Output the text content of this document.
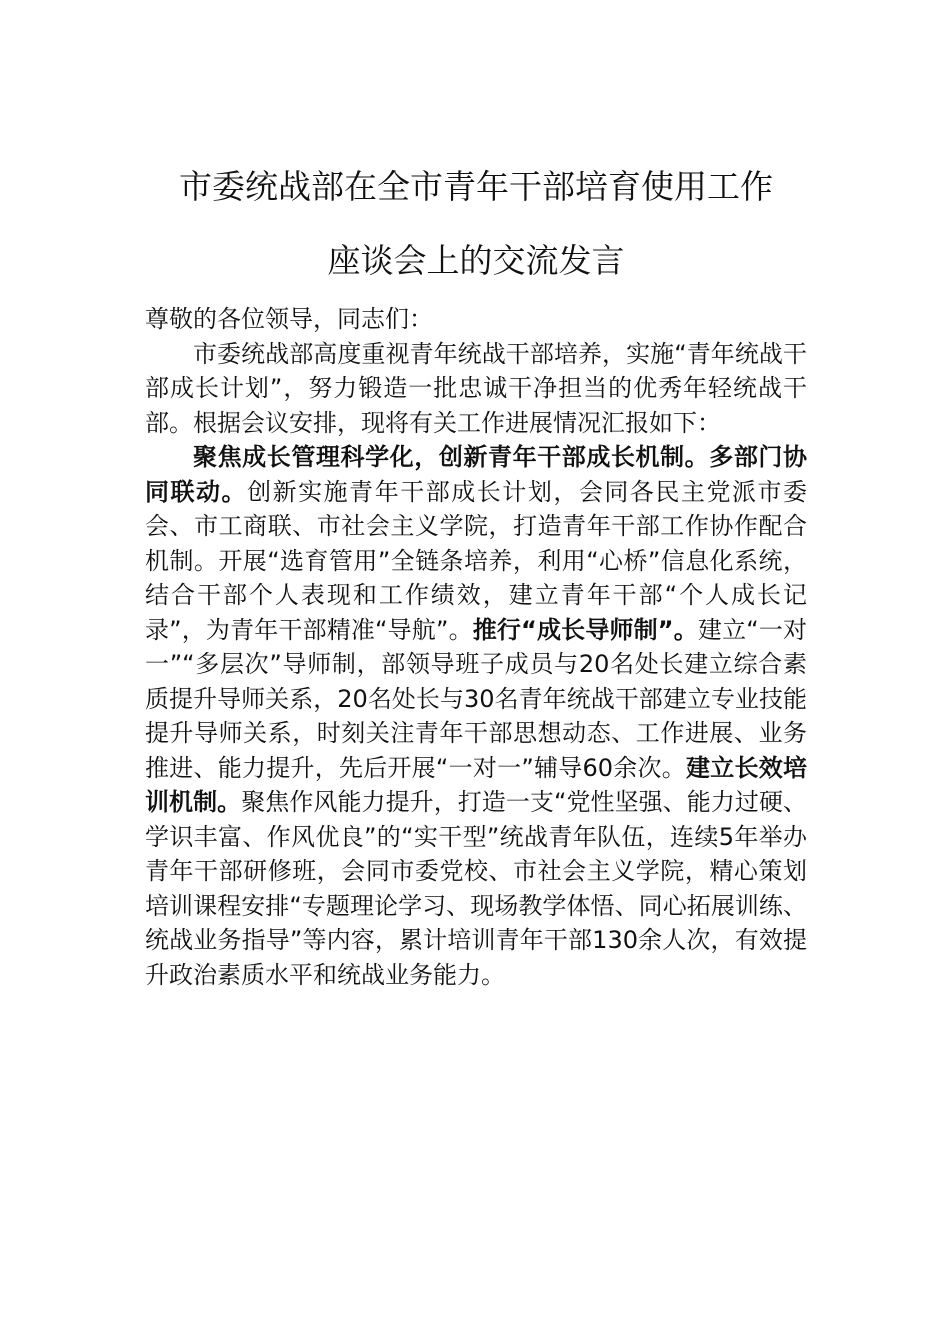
市委统战部在全市青年干部培育使用工作
座谈会上的交流发言

尊敬的各位领导，同志们：

市委统战部高度重视青年统战干部培养，实施“青年统战干部成长计划”，努力锻造一批忠诚干净担当的优秀年轻统战干部。根据会议安排，现将有关工作进展情况汇报如下：

聚焦成长管理科学化，创新青年干部成长机制。多部门协同联动。创新实施青年干部成长计划，会同各民主党派市委会、市工商联、市社会主义学院，打造青年干部工作协作配合机制。开展“选育管用”全链条培养，利用“心桥”信息化系统，结合干部个人表现和工作绩效，建立青年干部“个人成长记录”，为青年干部精准“导航”。推行“成长导师制”。建立“一对一”“多层次”导师制，部领导班子成员与20名处长建立综合素质提升导师关系，20名处长与30名青年统战干部建立专业技能提升导师关系，时刻关注青年干部思想动态、工作进展、业务推进、能力提升，先后开展“一对一”辅导60余次。建立长效培训机制。聚焦作风能力提升，打造一支“党性坚强、能力过硬、学识丰富、作风优良”的“实干型”统战青年队伍，连续5年举办青年干部研修班，会同市委党校、市社会主义学院，精心策划培训课程安排“专题理论学习、现场教学体悟、同心拓展训练、统战业务指导”等内容，累计培训青年干部130余人次，有效提升政治素质水平和统战业务能力。
